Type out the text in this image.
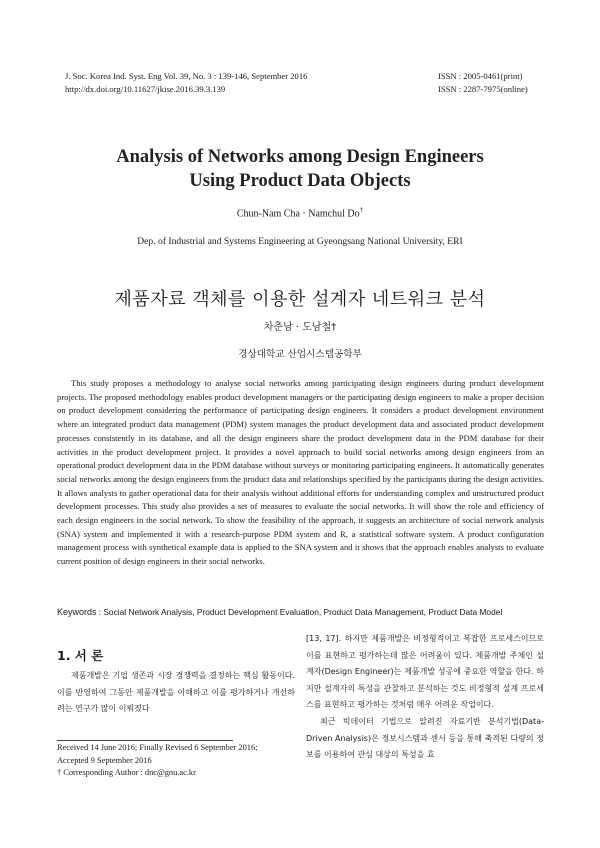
J. Soc. Korea Ind. Syst. Eng Vol. 39, No. 3 : 139-146, September 2016
http://dx.doi.org/10.11627/jkise.2016.39.3.139
ISSN : 2005-0461(print)
ISSN : 2287-7975(online)
Analysis of Networks among Design Engineers
Using Product Data Objects
Chun-Nam Cha · Namchul Do†
Dep. of Industrial and Systems Engineering at Gyeongsang National University, ERI
제품자료 객체를 이용한 설계자 네트워크 분석
차춘남 · 도남철†
경상대학교 산업시스템공학부

This study proposes a methodology to analyse social networks among participating design engineers during product development projects. The proposed methodology enables product development managers or the participating design engineers to make a proper decision on product development considering the performance of participating design engineers. It considers a product development environment where an integrated product data management (PDM) system manages the product development data and associated product development processes consistently in its database, and all the design engineers share the product development data in the PDM database for their activities in the product development project. It provides a novel approach to build social networks among design engineers from an operational product development data in the PDM database without surveys or monitoring participating engineers. It automatically generates social networks among the design engineers from the product data and relationships specified by the participants during the design activities. It allows analysts to gather operational data for their analysis without additional efforts for understanding complex and unstructured product development processes. This study also provides a set of measures to evaluate the social networks. It will show the role and efficiency of each design engineers in the social network. To show the feasibility of the approach, it suggests an architecture of social network analysis (SNA) system and implemented it with a research-purpose PDM system and R, a statistical software system. A product configuration management process with synthetical example data is applied to the SNA system and it shows that the approach enables analysts to evaluate current position of design engineers in their social networks.

Keywords : Social Network Analysis, Product Development Evaluation, Product Data Management, Product Data Model
1. 서 론

제품개발은 기업 생존과 시장 경쟁력을 결정하는 핵심 활동이다. 이를 반영하여 그동안 제품개발을 이해하고 이를 평가하거나 개선하려는 연구가 많이 이뤄졌다

Received 14 June 2016; Finally Revised 6 September 2016;
Accepted 9 September 2016
† Corresponding Author : dnc@gnu.ac.kr

[13, 17]. 하지만 제품개발은 비정형적이고 복잡한 프로세스이므로 이를 표현하고 평가하는데 많은 어려움이 있다. 제품개발 주체인 설계자(Design Engineer)는 제품개발 성공에 중요한 역할을 한다. 하지만 설계자의 특성을 관찰하고 분석하는 것도 비정형적 설계 프로세스를 표현하고 평가하는 것처럼 매우 어려운 작업이다.

최근 빅데이터 기법으로 알려진 자료기반 분석기법(Data-Driven Analysis)은 정보시스템과 센서 등을 통해 축적된 다량의 정보를 이용하여 관심 대상의 특성을 효
